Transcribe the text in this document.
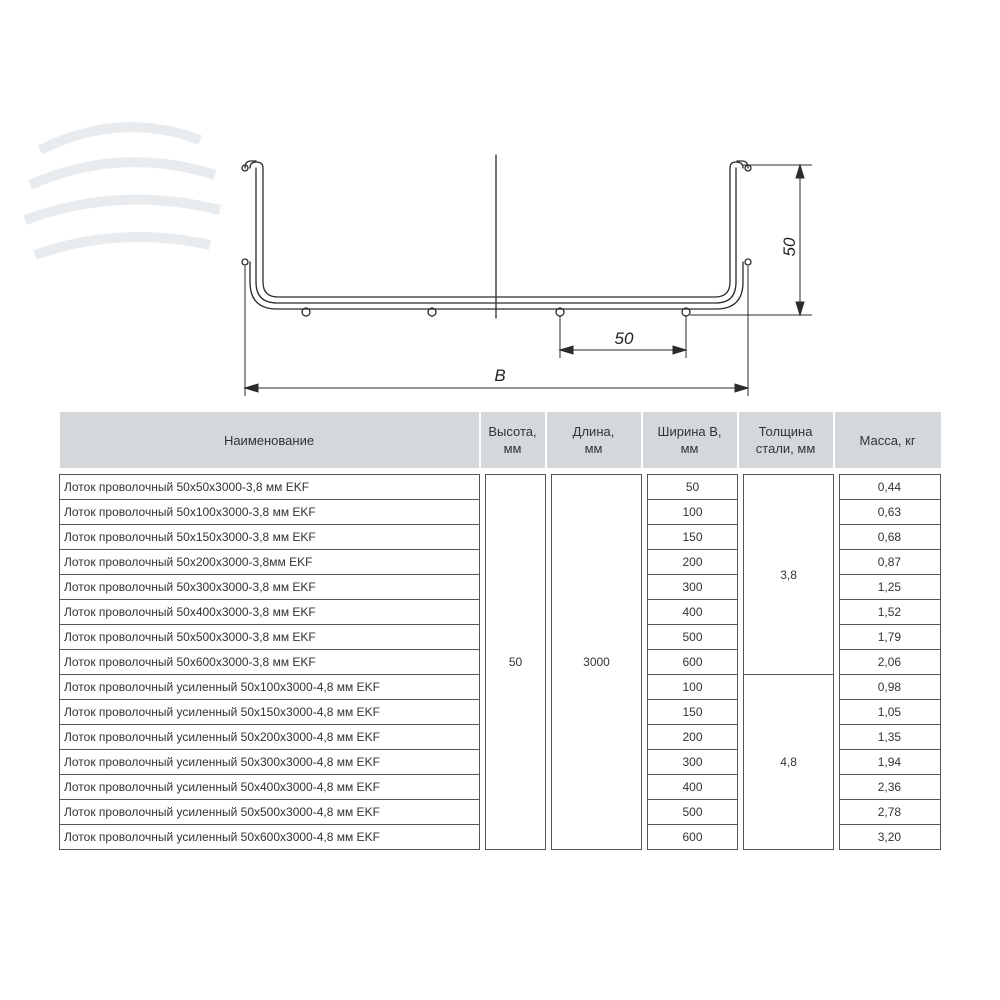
50
50
B
Наименование	Высота,
мм		Длина,
мм		Ширина В,
мм		Толщина
стали, мм		Масса, кг	

Лоток проволочный 50х50х3000-3,8 мм EKF		50		3000		50		3,8		0,44
Лоток проволочный 50х100х3000-3,8 мм EKF						100				0,63
Лоток проволочный 50х150х3000-3,8 мм EKF						150				0,68
Лоток проволочный 50х200х3000-3,8мм EKF						200				0,87
Лоток проволочный 50х300х3000-3,8 мм EKF						300				1,25
Лоток проволочный 50х400х3000-3,8 мм EKF						400				1,52
Лоток проволочный 50х500х3000-3,8 мм EKF						500				1,79
Лоток проволочный 50х600х3000-3,8 мм EKF						600				2,06
Лоток проволочный усиленный 50х100х3000-4,8 мм EKF						100		4,8		0,98
Лоток проволочный усиленный 50х150х3000-4,8 мм EKF						150				1,05
Лоток проволочный усиленный 50х200х3000-4,8 мм EKF						200				1,35
Лоток проволочный усиленный 50х300х3000-4,8 мм EKF						300				1,94
Лоток проволочный усиленный 50х400х3000-4,8 мм EKF						400				2,36
Лоток проволочный усиленный 50х500х3000-4,8 мм EKF						500				2,78
Лоток проволочный усиленный 50х600х3000-4,8 мм EKF						600				3,20
